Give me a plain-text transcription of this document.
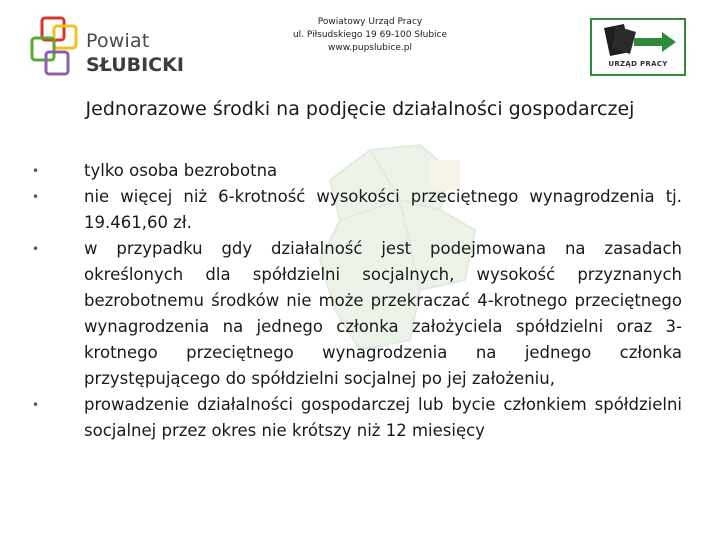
Powiat
SŁUBICKI
Powiatowy Urząd Pracy
ul. Piłsudskiego 19 69-100 Słubice
www.pupslubice.pl
URZĄD PRACY
Jednorazowe środki na podjęcie działalności gospodarczej

•	tylko osoba bezrobotna

•	nie więcej niż 6-krotność wysokości przeciętnego wynagrodzenia tj. 19.461,60 zł.

•	w przypadku gdy działalność jest podejmowana na zasadach określonych dla spółdzielni socjalnych, wysokość przyznanych bezrobotnemu środków nie może przekraczać 4-krotnego przeciętnego wynagrodzenia na jednego członka założyciela spółdzielni oraz 3-krotnego przeciętnego wynagrodzenia na jednego członka przystępującego do spółdzielni socjalnej po jej założeniu,

•	prowadzenie działalności gospodarczej lub bycie członkiem spółdzielni socjalnej przez okres nie krótszy niż 12 miesięcy
